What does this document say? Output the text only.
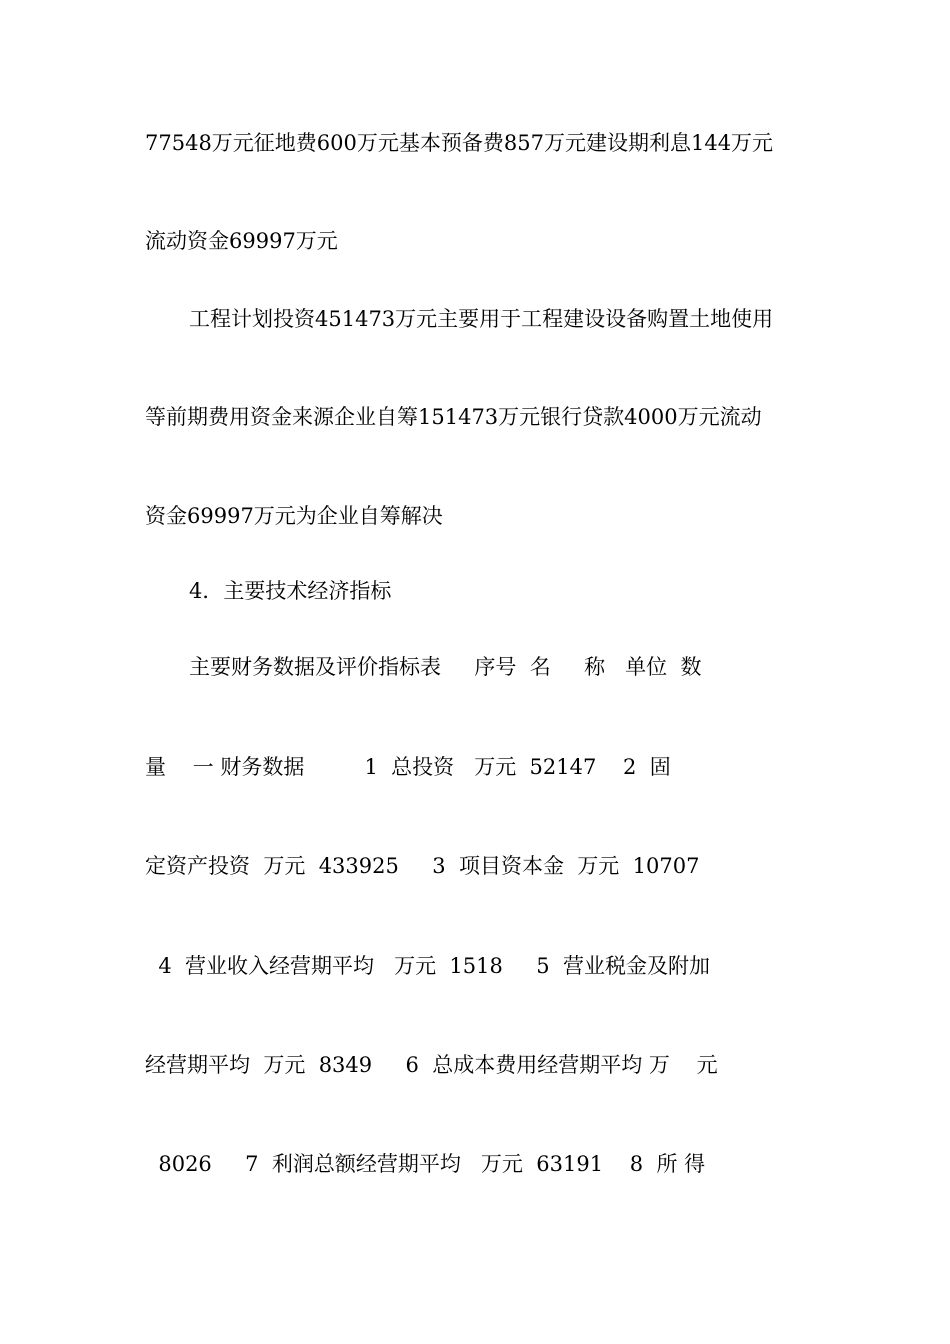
77548万元征地费600万元基本预备费857万元建设期利息144万元
流动资金69997万元
工程计划投资451473万元主要用于工程建设设备购置土地使用
等前期费用资金来源企业自筹151473万元银行贷款4000万元流动
资金69997万元为企业自筹解决
4．主要技术经济指标
主要财务数据及评价指标表     序号  名     称   单位  数
量    一 财务数据         1  总投资   万元  52147    2  固
定资产投资  万元  433925     3  项目资本金  万元  10707
4  营业收入经营期平均   万元  1518     5  营业税金及附加
经营期平均  万元  8349     6  总成本费用经营期平均 万    元
8026     7  利润总额经营期平均   万元  63191    8  所 得
